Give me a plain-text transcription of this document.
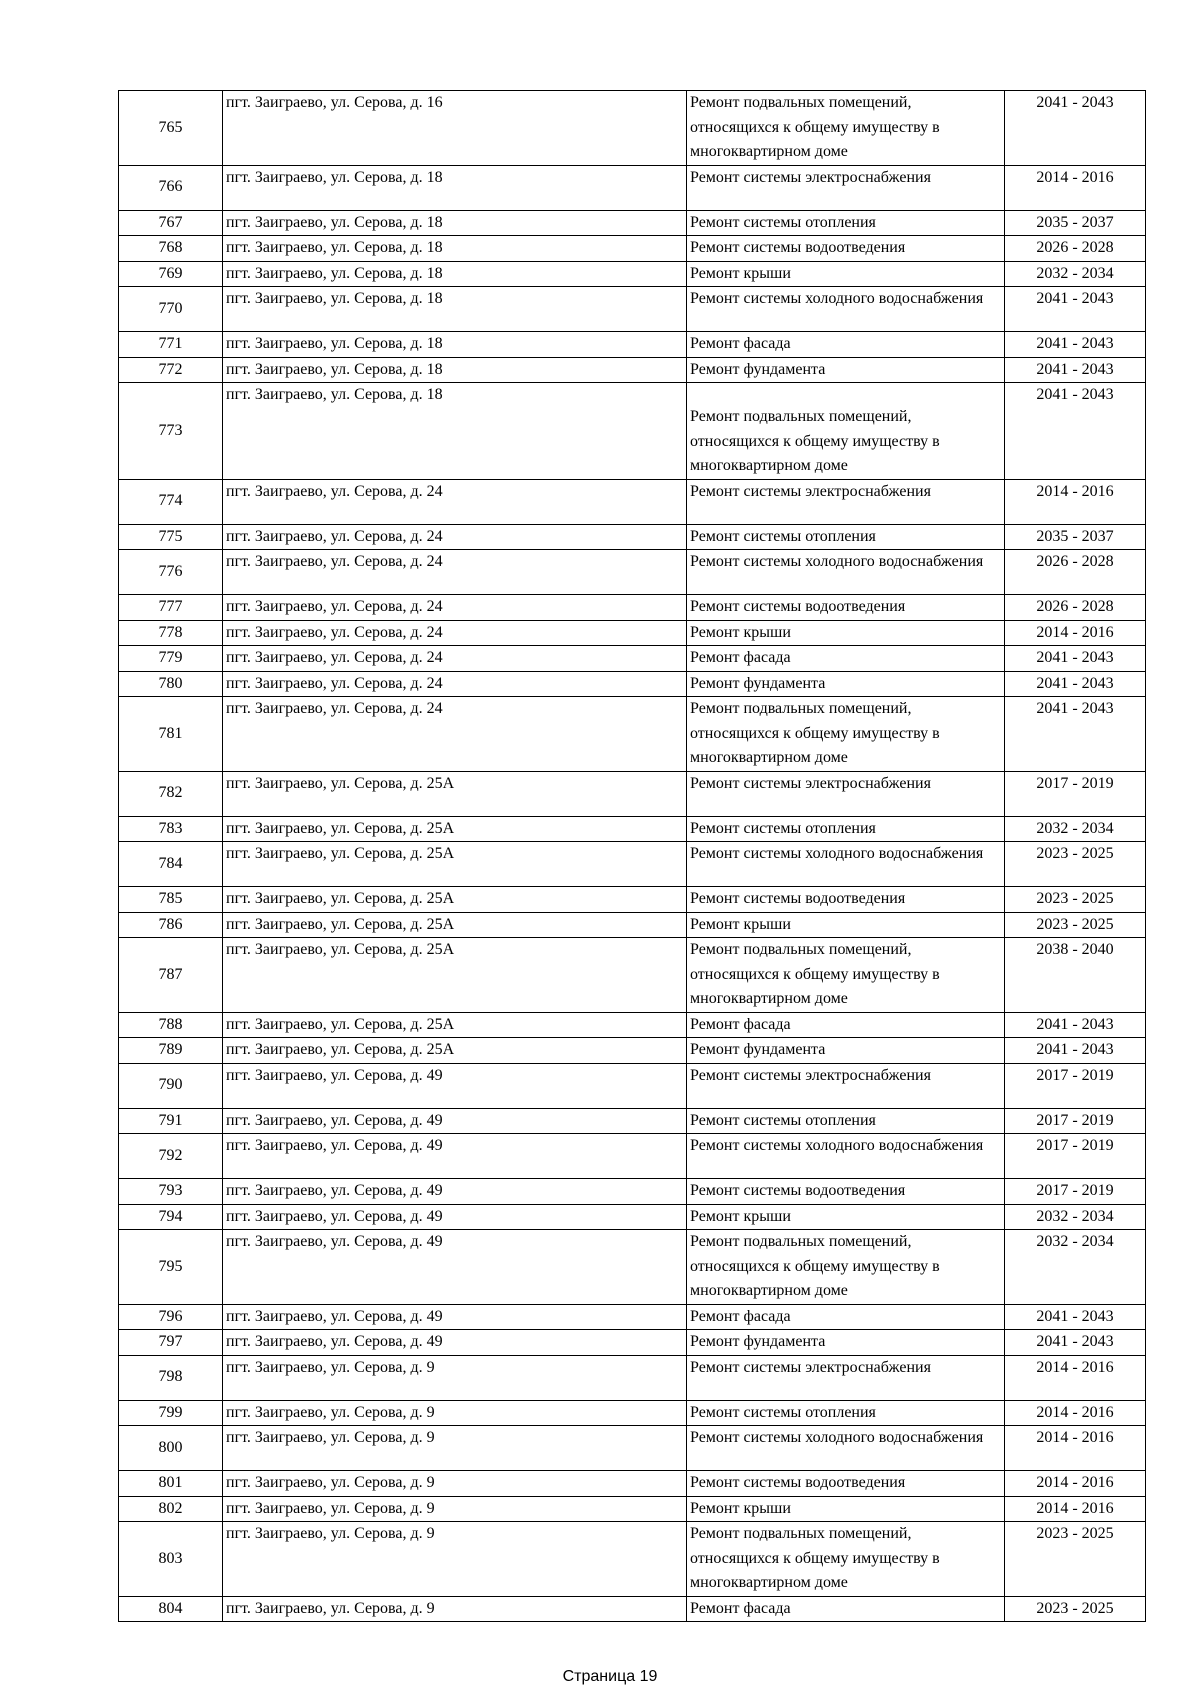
765	пгт. Заиграево, ул. Серова, д. 16	Ремонт подвальных помещений, относящихся к общему имуществу в многоквартирном доме	2041 - 2043
766	пгт. Заиграево, ул. Серова, д. 18	Ремонт системы электроснабжения	2014 - 2016
767	пгт. Заиграево, ул. Серова, д. 18	Ремонт системы отопления	2035 - 2037
768	пгт. Заиграево, ул. Серова, д. 18	Ремонт системы водоотведения	2026 - 2028
769	пгт. Заиграево, ул. Серова, д. 18	Ремонт крыши	2032 - 2034
770	пгт. Заиграево, ул. Серова, д. 18	Ремонт системы холодного водоснабжения	2041 - 2043
771	пгт. Заиграево, ул. Серова, д. 18	Ремонт фасада	2041 - 2043
772	пгт. Заиграево, ул. Серова, д. 18	Ремонт фундамента	2041 - 2043
773	пгт. Заиграево, ул. Серова, д. 18	Ремонт подвальных помещений, относящихся к общему имуществу в многоквартирном доме	2041 - 2043
774	пгт. Заиграево, ул. Серова, д. 24	Ремонт системы электроснабжения	2014 - 2016
775	пгт. Заиграево, ул. Серова, д. 24	Ремонт системы отопления	2035 - 2037
776	пгт. Заиграево, ул. Серова, д. 24	Ремонт системы холодного водоснабжения	2026 - 2028
777	пгт. Заиграево, ул. Серова, д. 24	Ремонт системы водоотведения	2026 - 2028
778	пгт. Заиграево, ул. Серова, д. 24	Ремонт крыши	2014 - 2016
779	пгт. Заиграево, ул. Серова, д. 24	Ремонт фасада	2041 - 2043
780	пгт. Заиграево, ул. Серова, д. 24	Ремонт фундамента	2041 - 2043
781	пгт. Заиграево, ул. Серова, д. 24	Ремонт подвальных помещений, относящихся к общему имуществу в многоквартирном доме	2041 - 2043
782	пгт. Заиграево, ул. Серова, д. 25А	Ремонт системы электроснабжения	2017 - 2019
783	пгт. Заиграево, ул. Серова, д. 25А	Ремонт системы отопления	2032 - 2034
784	пгт. Заиграево, ул. Серова, д. 25А	Ремонт системы холодного водоснабжения	2023 - 2025
785	пгт. Заиграево, ул. Серова, д. 25А	Ремонт системы водоотведения	2023 - 2025
786	пгт. Заиграево, ул. Серова, д. 25А	Ремонт крыши	2023 - 2025
787	пгт. Заиграево, ул. Серова, д. 25А	Ремонт подвальных помещений, относящихся к общему имуществу в многоквартирном доме	2038 - 2040
788	пгт. Заиграево, ул. Серова, д. 25А	Ремонт фасада	2041 - 2043
789	пгт. Заиграево, ул. Серова, д. 25А	Ремонт фундамента	2041 - 2043
790	пгт. Заиграево, ул. Серова, д. 49	Ремонт системы электроснабжения	2017 - 2019
791	пгт. Заиграево, ул. Серова, д. 49	Ремонт системы отопления	2017 - 2019
792	пгт. Заиграево, ул. Серова, д. 49	Ремонт системы холодного водоснабжения	2017 - 2019
793	пгт. Заиграево, ул. Серова, д. 49	Ремонт системы водоотведения	2017 - 2019
794	пгт. Заиграево, ул. Серова, д. 49	Ремонт крыши	2032 - 2034
795	пгт. Заиграево, ул. Серова, д. 49	Ремонт подвальных помещений, относящихся к общему имуществу в многоквартирном доме	2032 - 2034
796	пгт. Заиграево, ул. Серова, д. 49	Ремонт фасада	2041 - 2043
797	пгт. Заиграево, ул. Серова, д. 49	Ремонт фундамента	2041 - 2043
798	пгт. Заиграево, ул. Серова, д. 9	Ремонт системы электроснабжения	2014 - 2016
799	пгт. Заиграево, ул. Серова, д. 9	Ремонт системы отопления	2014 - 2016
800	пгт. Заиграево, ул. Серова, д. 9	Ремонт системы холодного водоснабжения	2014 - 2016
801	пгт. Заиграево, ул. Серова, д. 9	Ремонт системы водоотведения	2014 - 2016
802	пгт. Заиграево, ул. Серова, д. 9	Ремонт крыши	2014 - 2016
803	пгт. Заиграево, ул. Серова, д. 9	Ремонт подвальных помещений, относящихся к общему имуществу в многоквартирном доме	2023 - 2025
804	пгт. Заиграево, ул. Серова, д. 9	Ремонт фасада	2023 - 2025
Страница 19
